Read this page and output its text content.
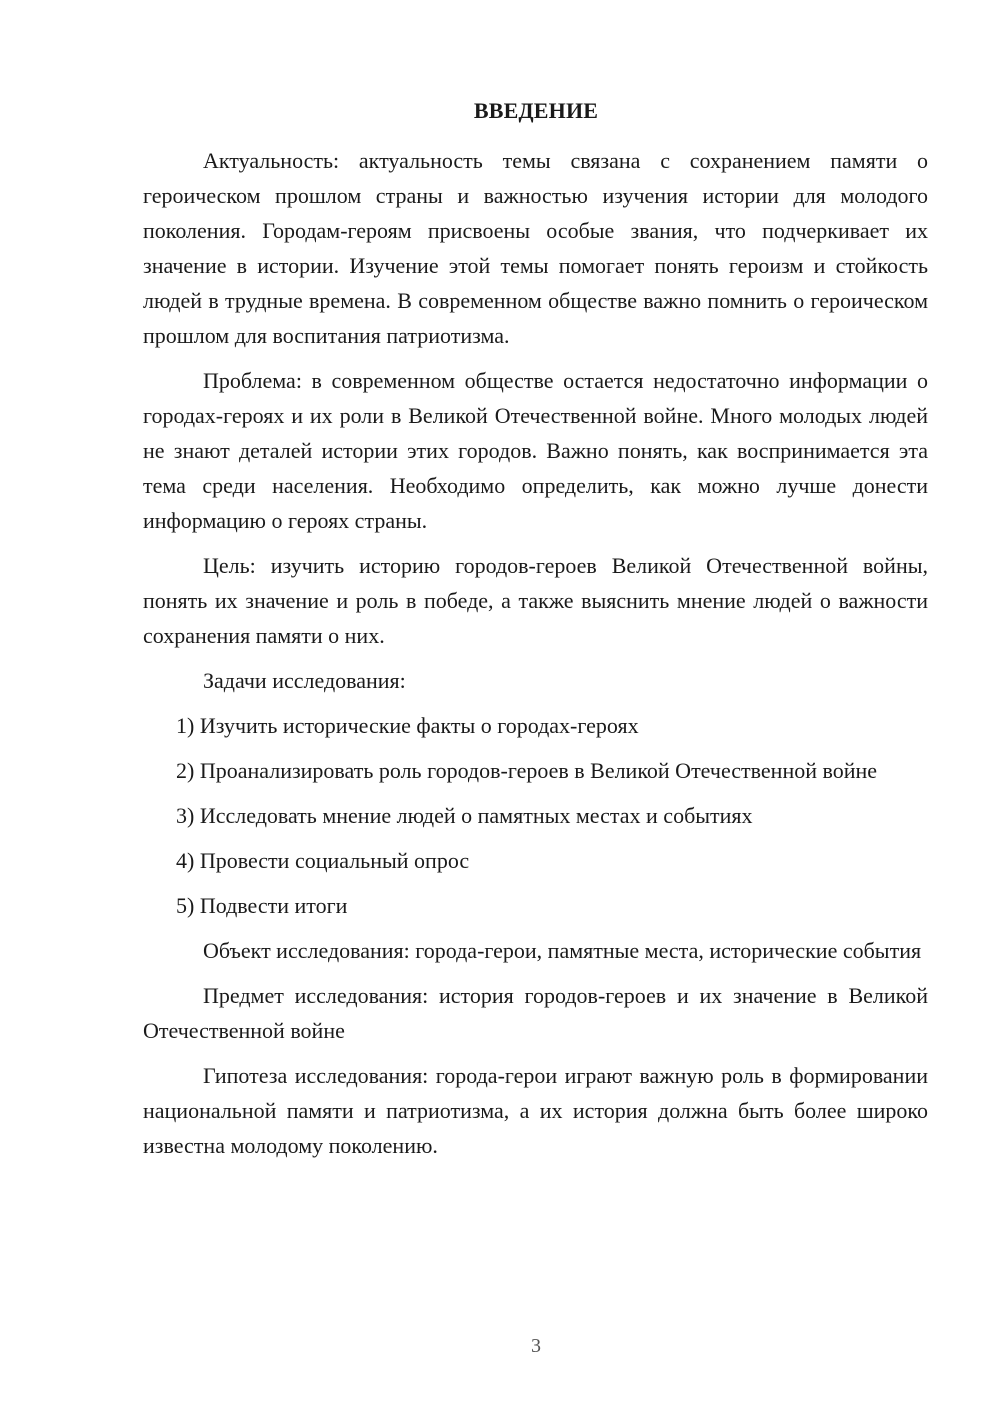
ВВЕДЕНИЕ

Актуальность: актуальность темы связана с сохранением памяти о героическом прошлом страны и важностью изучения истории для молодого поколения. Городам-героям присвоены особые звания, что подчеркивает их значение в истории. Изучение этой темы помогает понять героизм и стойкость людей в трудные времена. В современном обществе важно помнить о героическом прошлом для воспитания патриотизма.

Проблема: в современном обществе остается недостаточно информации о городах-героях и их роли в Великой Отечественной войне. Много молодых людей не знают деталей истории этих городов. Важно понять, как воспринимается эта тема среди населения. Необходимо определить, как можно лучше донести информацию о героях страны.

Цель: изучить историю городов-героев Великой Отечественной войны, понять их значение и роль в победе, а также выяснить мнение людей о важности сохранения памяти о них.

Задачи исследования:

1) Изучить исторические факты о городах-героях

2) Проанализировать роль городов-героев в Великой Отечественной войне

3) Исследовать мнение людей о памятных местах и событиях

4) Провести социальный опрос

5) Подвести итоги

Объект исследования: города-герои, памятные места, исторические события

Предмет исследования: история городов-героев и их значение в Великой Отечественной войне

Гипотеза исследования: города-герои играют важную роль в формировании национальной памяти и патриотизма, а их история должна быть более широко известна молодому поколению.

3
